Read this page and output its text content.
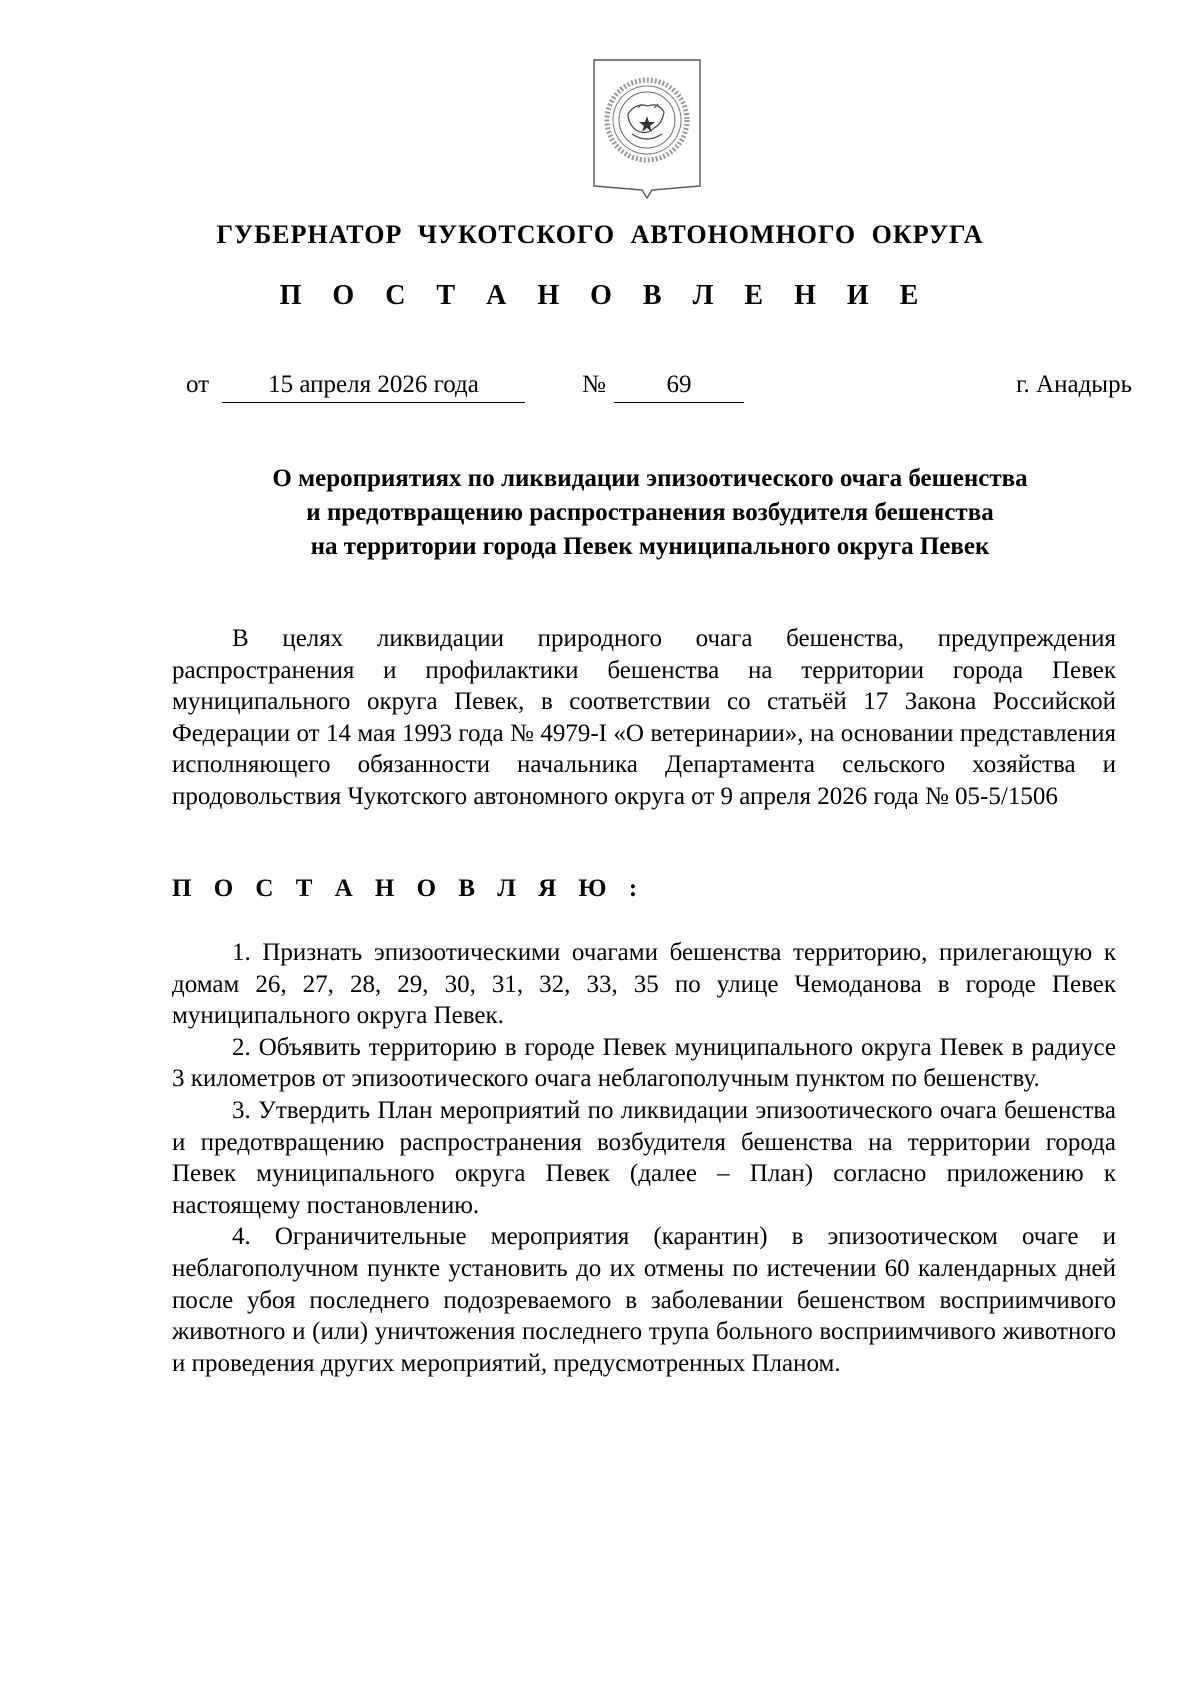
ГУБЕРНАТОР ЧУКОТСКОГО АВТОНОМНОГО ОКРУГА
П О С Т А Н О В Л Е Н И Е
от	15 апреля 2026 года	№	69	г. Анадырь
О мероприятиях по ликвидации эпизоотического очага бешенства
и предотвращению распространения возбудителя бешенства
на территории города Певек муниципального округа Певек

В целях ликвидации природного очага бешенства, предупреждения распространения и профилактики бешенства на территории города Певек муниципального округа Певек, в соответствии со статьёй 17 Закона Российской Федерации от 14 мая 1993 года № 4979-I «О ветеринарии», на основании представления исполняющего обязанности начальника Департамента сельского хозяйства и продовольствия Чукотского автономного округа от 9 апреля 2026 года № 05-5/1506

П О С Т А Н О В Л Я Ю :

1. Признать эпизоотическими очагами бешенства территорию, прилегающую к домам 26, 27, 28, 29, 30, 31, 32, 33, 35 по улице Чемоданова в городе Певек муниципального округа Певек.

2. Объявить территорию в городе Певек муниципального округа Певек в радиусе 3 километров от эпизоотического очага неблагополучным пунктом по бешенству.

3. Утвердить План мероприятий по ликвидации эпизоотического очага бешенства и предотвращению распространения возбудителя бешенства на территории города Певек муниципального округа Певек (далее – План) согласно приложению к настоящему постановлению.

4. Ограничительные мероприятия (карантин) в эпизоотическом очаге и неблагополучном пункте установить до их отмены по истечении 60 календарных дней после убоя последнего подозреваемого в заболевании бешенством восприимчивого животного и (или) уничтожения последнего трупа больного восприимчивого животного и проведения других мероприятий, предусмотренных Планом.
